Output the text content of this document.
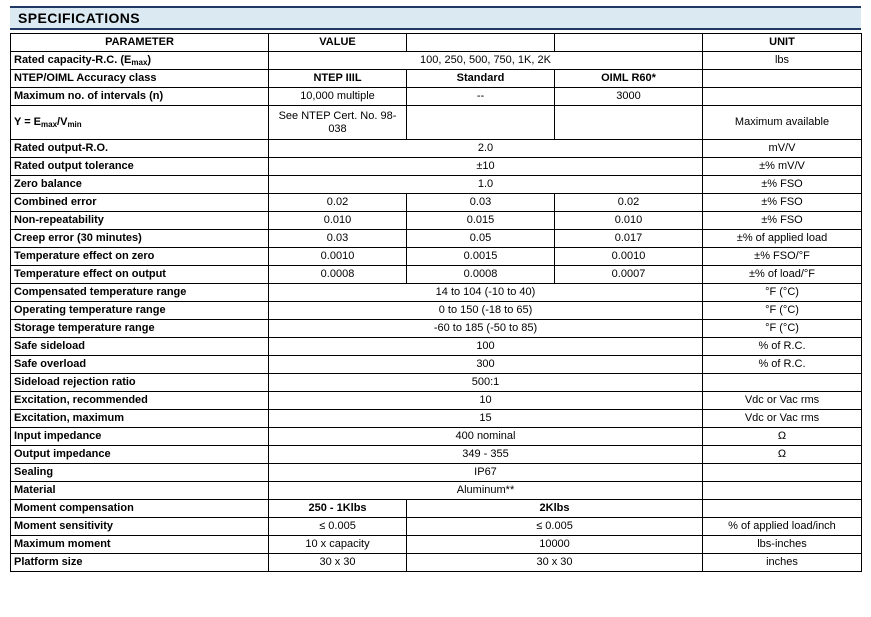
SPECIFICATIONS
PARAMETER	VALUE			UNIT
Rated capacity-R.C. $(E_{max})$	100, 250, 500, 750, 1K, 2K			lbs
NTEP/OIML Accuracy class	NTEP IIIL	Standard	OIML R60*	
Maximum no. of intervals (n)	10,000 multiple	--	3000	
$Y = E_{max}/V_{min}$	See NTEP Cert. No. 98-038			Maximum available
Rated output-R.O.	2.0			mV/V
Rated output tolerance	±10			±% mV/V
Zero balance	1.0			±% FSO
Combined error	0.02	0.03	0.02	±% FSO
Non-repeatability	0.010	0.015	0.010	±% FSO
Creep error (30 minutes)	0.03	0.05	0.017	±% of applied load
Temperature effect on zero	0.0010	0.0015	0.0010	±% FSO/°F
Temperature effect on output	0.0008	0.0008	0.0007	±% of load/°F
Compensated temperature range	14 to 104 (-10 to 40)			°F (°C)
Operating temperature range	0 to 150 (-18 to 65)			°F (°C)
Storage temperature range	-60 to 185 (-50 to 85)			°F (°C)
Safe sideload	100			% of R.C.
Safe overload	300			% of R.C.
Sideload rejection ratio	500:1			
Excitation, recommended	10			Vdc or Vac rms
Excitation, maximum	15			Vdc or Vac rms
Input impedance	400 nominal			Ω
Output impedance	349 - 355			Ω
Sealing	IP67			
Material	Aluminum**			
Moment compensation	250 - 1Klbs	2Klbs		
Moment sensitivity	≤ 0.005	≤ 0.005		% of applied load/inch
Maximum moment	10 x capacity	10000		lbs-inches
Platform size	30 x 30	30 x 30		inches
